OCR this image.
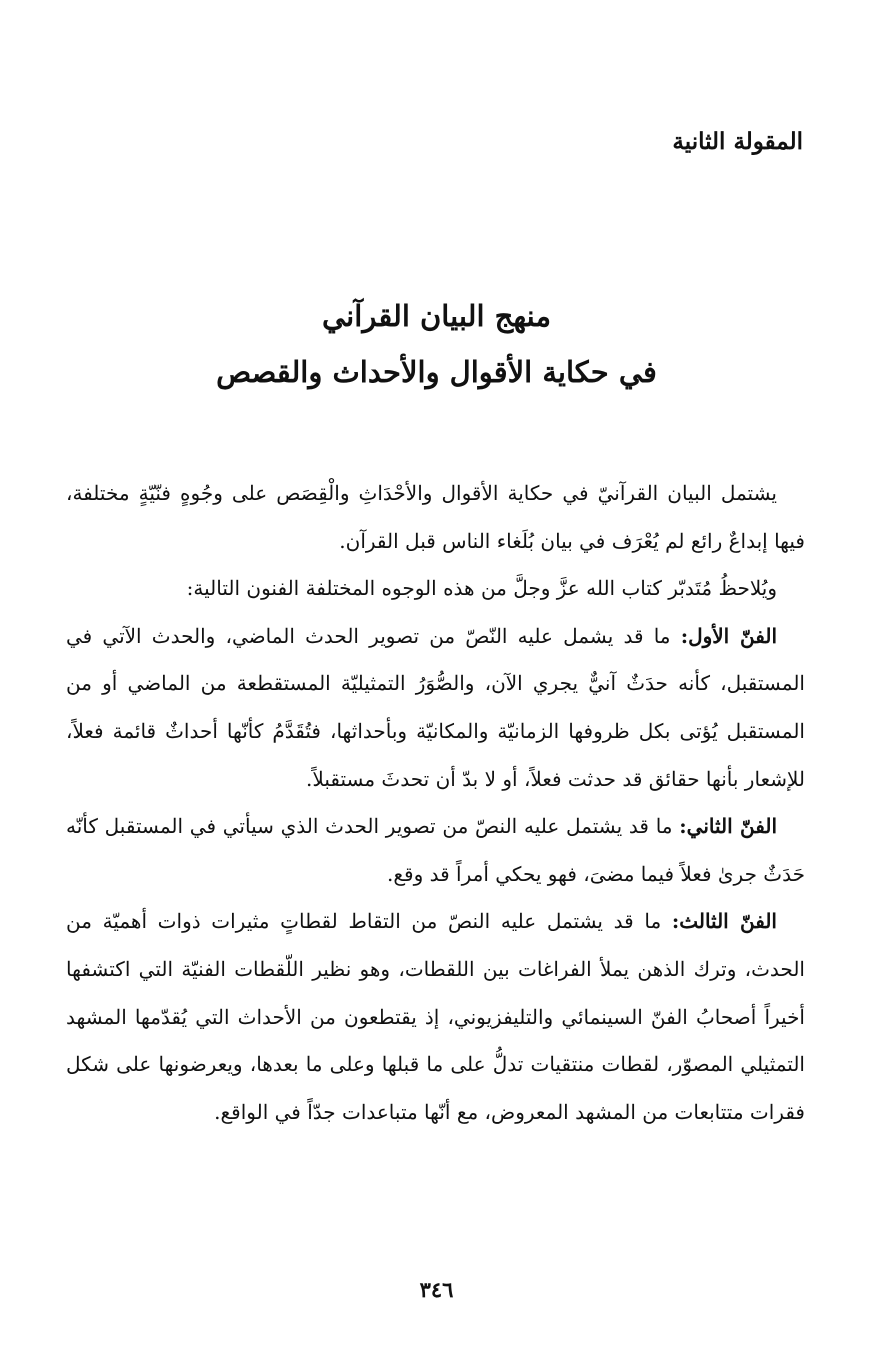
المقولة الثانية
منهج البيان القرآني
في حكاية الأقوال والأحداث والقصص

يشتمل البيان القرآنيّ في حكاية الأقوال والأحْدَاثِ والْقِصَص على وجُوهٍ فنّيّةٍ مختلفة، فيها إبداعٌ رائع لم يُعْرَف في بيان بُلَغاء الناس قبل القرآن.

ويُلاحظُ مُتَدبّر كتاب الله عزَّ وجلَّ من هذه الوجوه المختلفة الفنون التالية:

الفنّ الأول: ما قد يشمل عليه النّصّ من تصوير الحدث الماضي، والحدث الآتي في المستقبل، كأنه حدَثٌ آنيٌّ يجري الآن، والصُّوَرُ التمثيليّة المستقطعة من الماضي أو من المستقبل يُؤتى بكل ظروفها الزمانيّة والمكانيّة وبأحداثها، فتُقَدَّمُ كأنّها أحداثٌ قائمة فعلاً، للإشعار بأنها حقائق قد حدثت فعلاً، أو لا بدّ أن تحدثَ مستقبلاً.

الفنّ الثاني: ما قد يشتمل عليه النصّ من تصوير الحدث الذي سيأتي في المستقبل كأنّه حَدَثٌ جرىٰ فعلاً فيما مضىَ، فهو يحكي أمراً قد وقع.

الفنّ الثالث: ما قد يشتمل عليه النصّ من التقاط لقطاتٍ مثيرات ذوات أهميّة من الحدث، وترك الذهن يملأ الفراغات بين اللقطات، وهو نظير اللّقطات الفنيّة التي اكتشفها أخيراً أصحابُ الفنّ السينمائي والتليفزيوني، إذ يقتطعون من الأحداث التي يُقدّمها المشهد التمثيلي المصوّر، لقطات منتقيات تدلُّ على ما قبلها وعلى ما بعدها، ويعرضونها على شكل فقرات متتابعات من المشهد المعروض، مع أنّها متباعدات جدّاً في الواقع.

٣٤٦
